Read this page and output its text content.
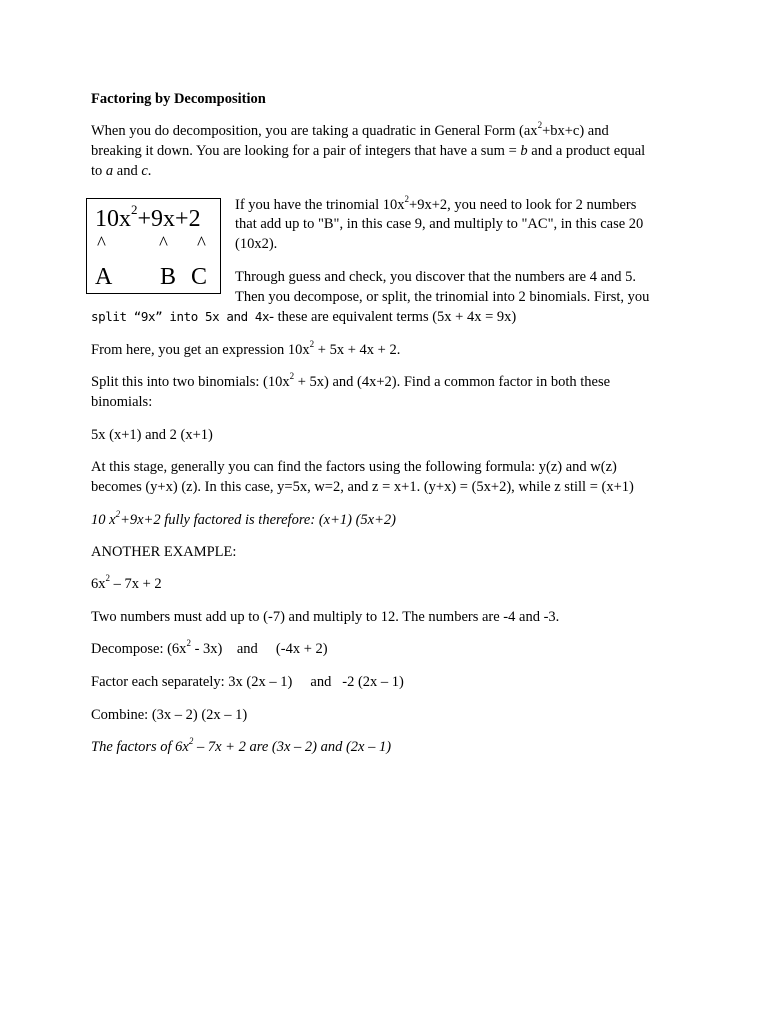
Factoring by Decomposition
When you do decomposition, you are taking a quadratic in General Form $(ax^2+bx+c)$ and
breaking it down. You are looking for a pair of integers that have a sum = b and a product equal
to a and c.
If you have the trinomial $10x^2+9x+2$, you need to look for 2 numbers
that add up to "B", in this case 9, and multiply to "AC", in this case 20
(10x2).
Through guess and check, you discover that the numbers are 4 and 5.
Then you decompose, or split, the trinomial into 2 binomials. First, you
split “9x” into 5x and 4x- these are equivalent terms (5x + 4x = 9x)
From here, you get an expression $10x^2 + 5x + 4x + 2$.
Split this into two binomials: $(10x^2 + 5x)$ and (4x+2). Find a common factor in both these
binomials:
5x (x+1) and 2 (x+1)
At this stage, generally you can find the factors using the following formula: y(z) and w(z)
becomes (y+x) (z). In this case, y=5x, w=2, and z = x+1. (y+x) = (5x+2), while z still = (x+1)
10 $x^2+9x+2$ fully factored is therefore: (x+1) (5x+2)
ANOTHER EXAMPLE:
$6x^2 - 7x + 2$
Two numbers must add up to (-7) and multiply to 12. The numbers are -4 and -3.
Decompose: $(6x^2 - 3x)$    and     (-4x + 2)
Factor each separately: 3x (2x – 1)     and   -2 (2x – 1)
Combine: (3x – 2) (2x – 1)
The factors of $6x^2 - 7x + 2$ are (3x – 2) and (2x – 1)
$10x^2+9x+2$
^	^ ^
A B C
